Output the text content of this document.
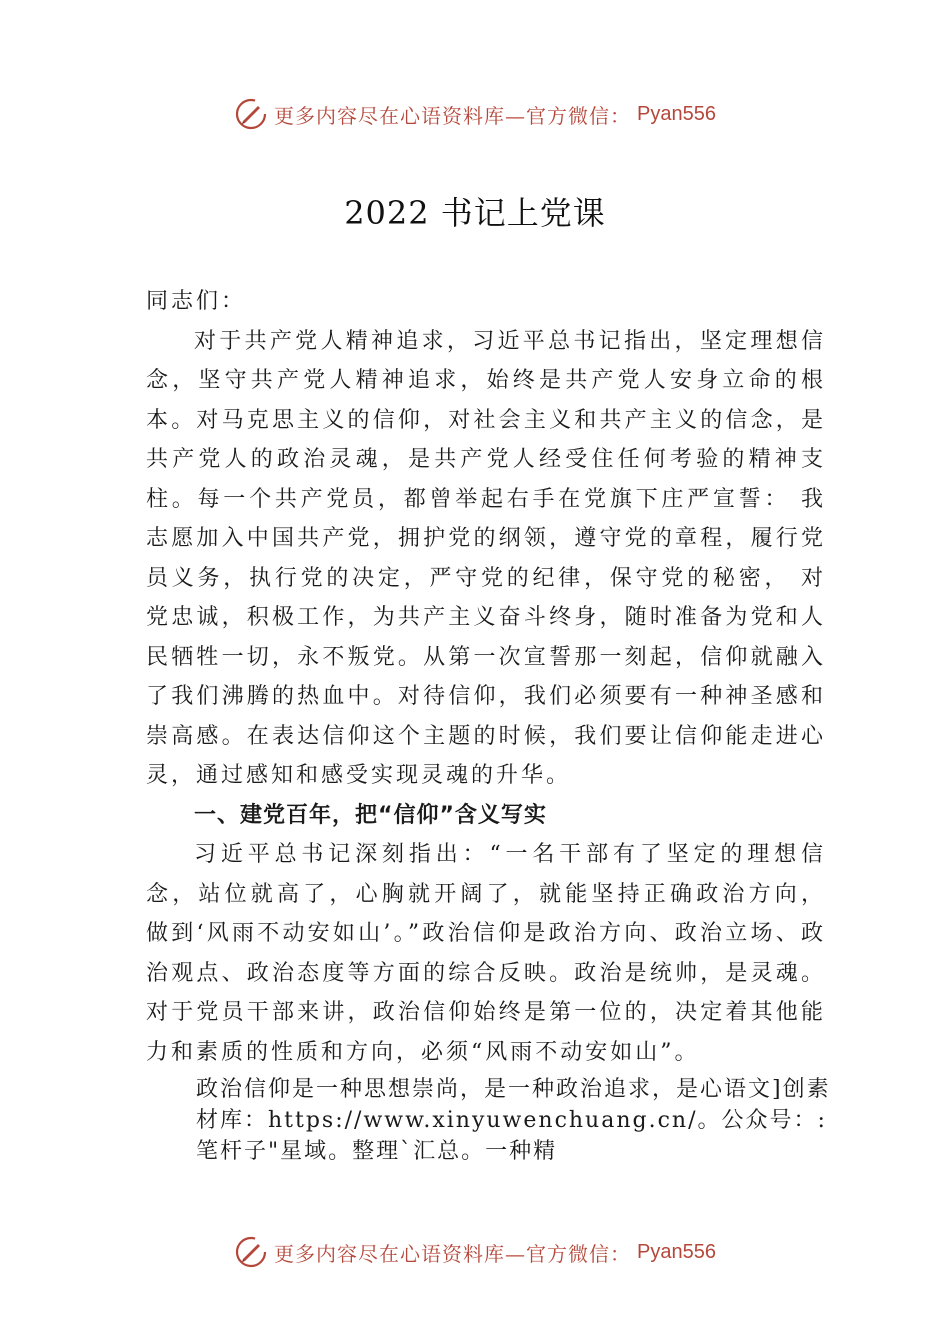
更多内容尽在心语资料库—官方微信： Pyan556
2022 书记上党课

同志们：

对于共产党人精神追求，习近平总书记指出，坚定理想信念，坚守共产党人精神追求，始终是共产党人安身立命的根本。对马克思主义的信仰，对社会主义和共产主义的信念，是共产党人的政治灵魂，是共产党人经受住任何考验的精神支柱。每一个共产党员，都曾举起右手在党旗下庄严宣誓： 我志愿加入中国共产党，拥护党的纲领，遵守党的章程，履行党员义务，执行党的决定，严守党的纪律，保守党的秘密， 对党忠诚，积极工作，为共产主义奋斗终身，随时准备为党和人民牺牲一切，永不叛党。从第一次宣誓那一刻起，信仰就融入了我们沸腾的热血中。对待信仰，我们必须要有一种神圣感和崇高感。在表达信仰这个主题的时候，我们要让信仰能走进心灵，通过感知和感受实现灵魂的升华。

一、建党百年，把“信仰”含义写实

习近平总书记深刻指出：“一名干部有了坚定的理想信念，站位就高了，心胸就开阔了，就能坚持正确政治方向， 做到‘风雨不动安如山’。”政治信仰是政治方向、政治立场、政治观点、政治态度等方面的综合反映。政治是统帅，是灵魂。对于党员干部来讲，政治信仰始终是第一位的，决定着其他能力和素质的性质和方向，必须“风雨不动安如山”。

政治信仰是一种思想崇尚，是一种政治追求，是心语文]创素材库：https://www.xinyuwenchuang.cn/。公众号：:笔杆子"星域。整理`汇总。一种精

更多内容尽在心语资料库—官方微信： Pyan556
